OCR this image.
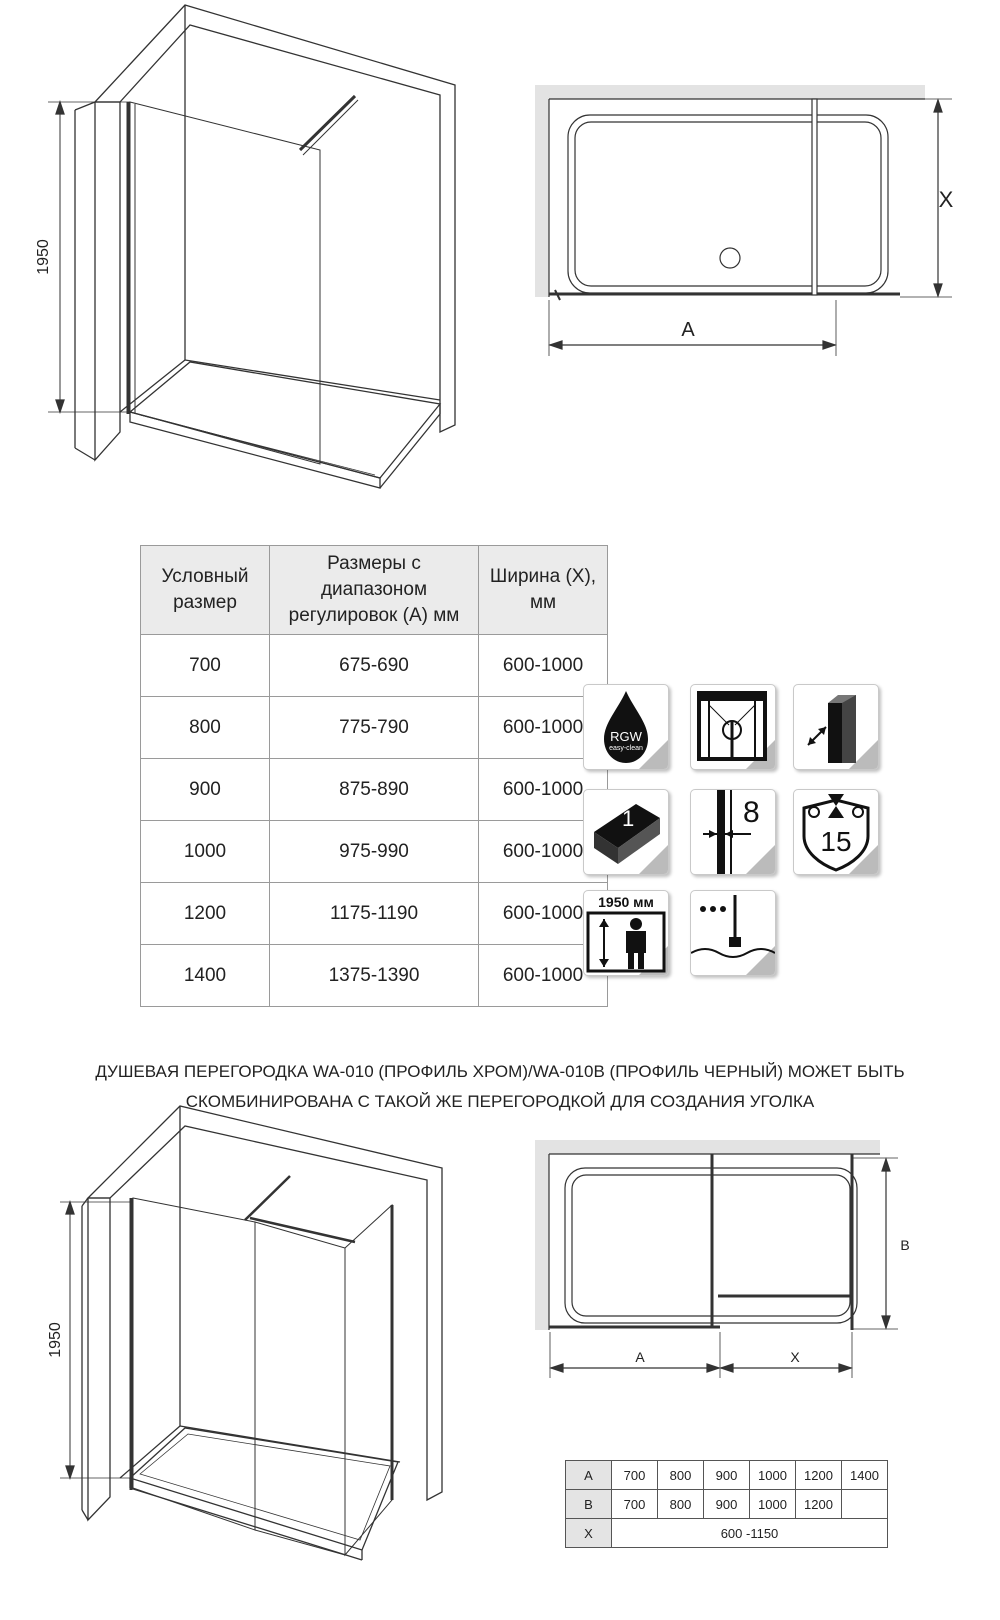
1950
X
A
1950
B
A	X
Условный размер	Размеры с диапазоном регулировок (А) мм	Ширина (Х), мм
700	675-690	600-1000
800	775-790	600-1000
900	875-890	600-1000
1000	975-990	600-1000
1200	1175-1190	600-1000
1400	1375-1390	600-1000
RGW
easy-clean
1	8
15
1950 мм
ДУШЕВАЯ ПЕРЕГОРОДКА WA-010 (ПРОФИЛЬ ХРОМ)/WA-010B (ПРОФИЛЬ ЧЕРНЫЙ) МОЖЕТ БЫТЬ
СКОМБИНИРОВАНА С ТАКОЙ ЖЕ ПЕРЕГОРОДКОЙ ДЛЯ СОЗДАНИЯ УГОЛКА
A	700	800	900	1000	1200	1400
B	700	800	900	1000	1200	
X	600 -1150					
